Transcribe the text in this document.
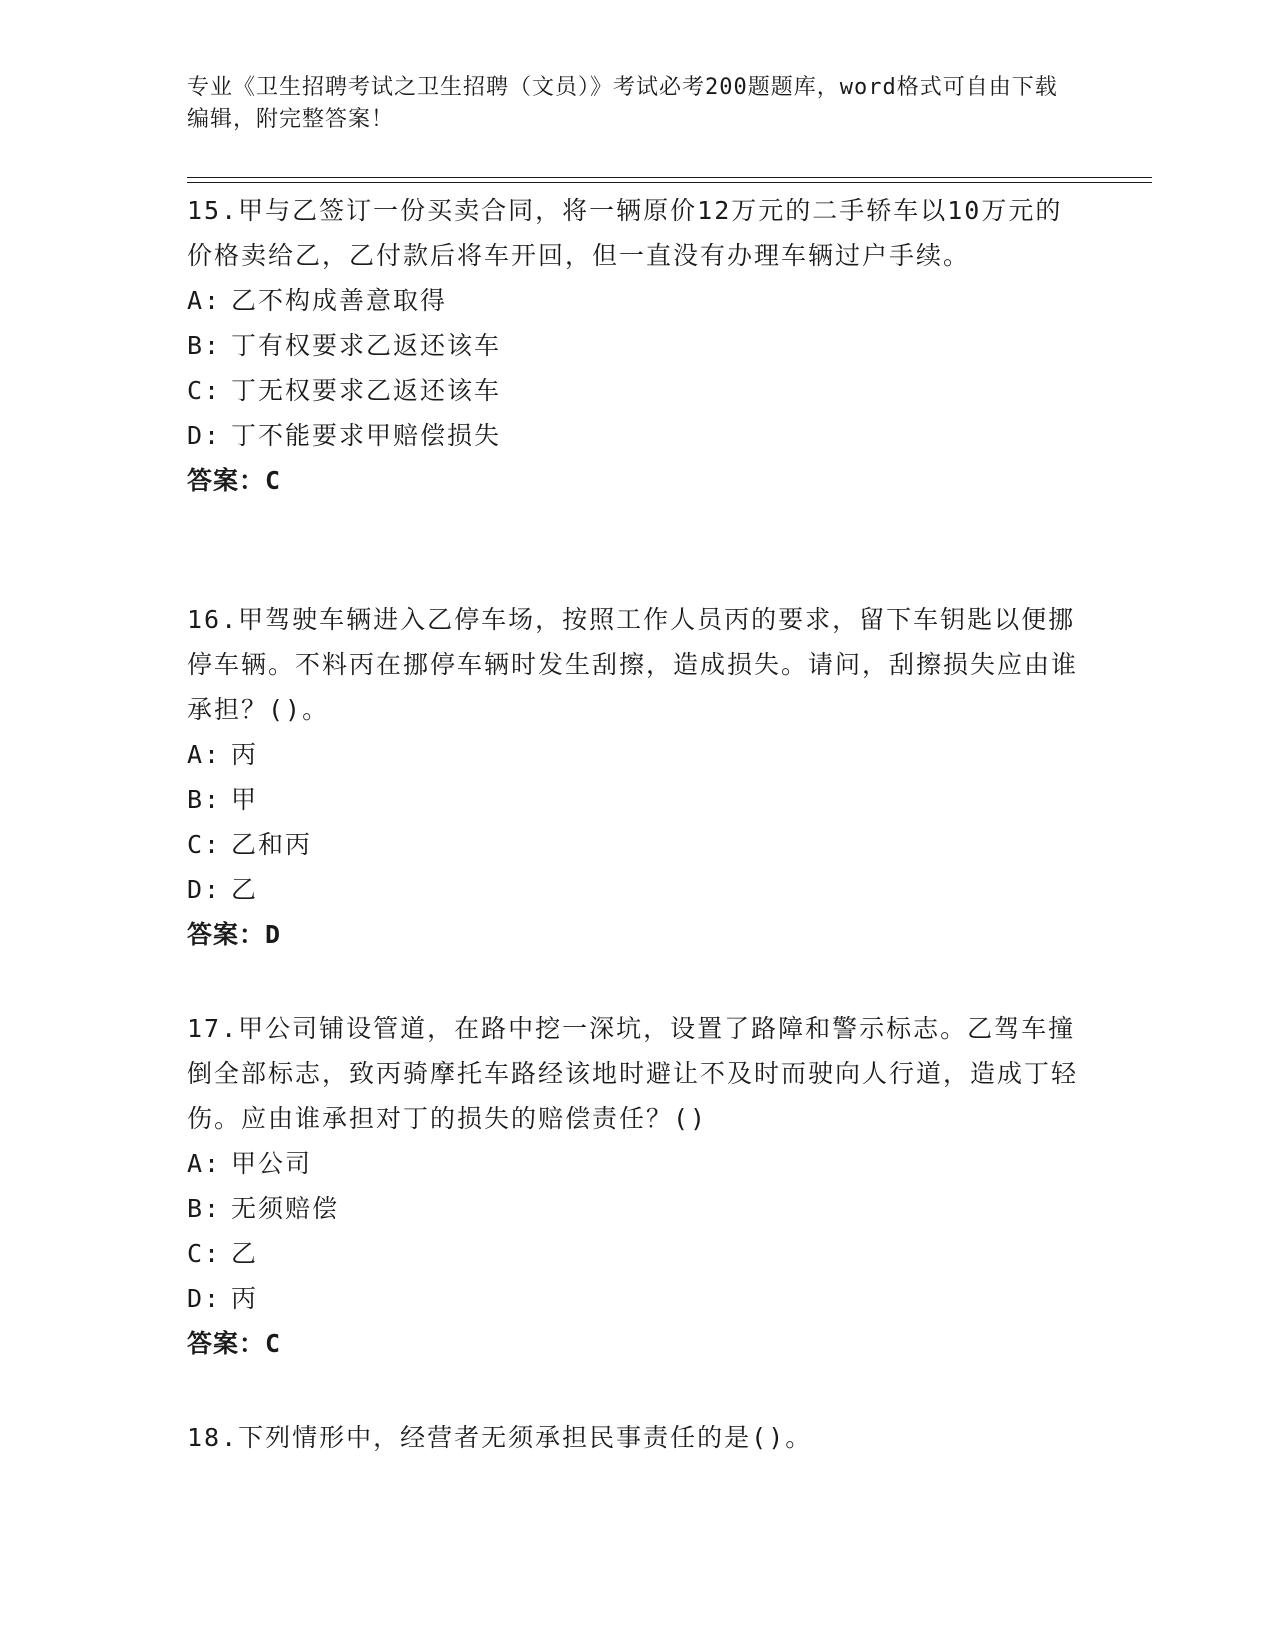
专业《卫生招聘考试之卫生招聘（文员）》考试必考200题题库，word格式可自由下载编辑，附完整答案！

15.甲与乙签订一份买卖合同，将一辆原价12万元的二手轿车以10万元的价格卖给乙，乙付款后将车开回，但一直没有办理车辆过户手续。

A: 乙不构成善意取得

B: 丁有权要求乙返还该车

C: 丁无权要求乙返还该车

D: 丁不能要求甲赔偿损失

答案：C

16.甲驾驶车辆进入乙停车场，按照工作人员丙的要求，留下车钥匙以便挪停车辆。不料丙在挪停车辆时发生刮擦，造成损失。请问，刮擦损失应由谁承担？()。

A: 丙

B: 甲

C: 乙和丙

D: 乙

答案：D

17.甲公司铺设管道，在路中挖一深坑，设置了路障和警示标志。乙驾车撞倒全部标志，致丙骑摩托车路经该地时避让不及时而驶向人行道，造成丁轻伤。应由谁承担对丁的损失的赔偿责任？()

A: 甲公司

B: 无须赔偿

C: 乙

D: 丙

答案：C

18.下列情形中，经营者无须承担民事责任的是()。
